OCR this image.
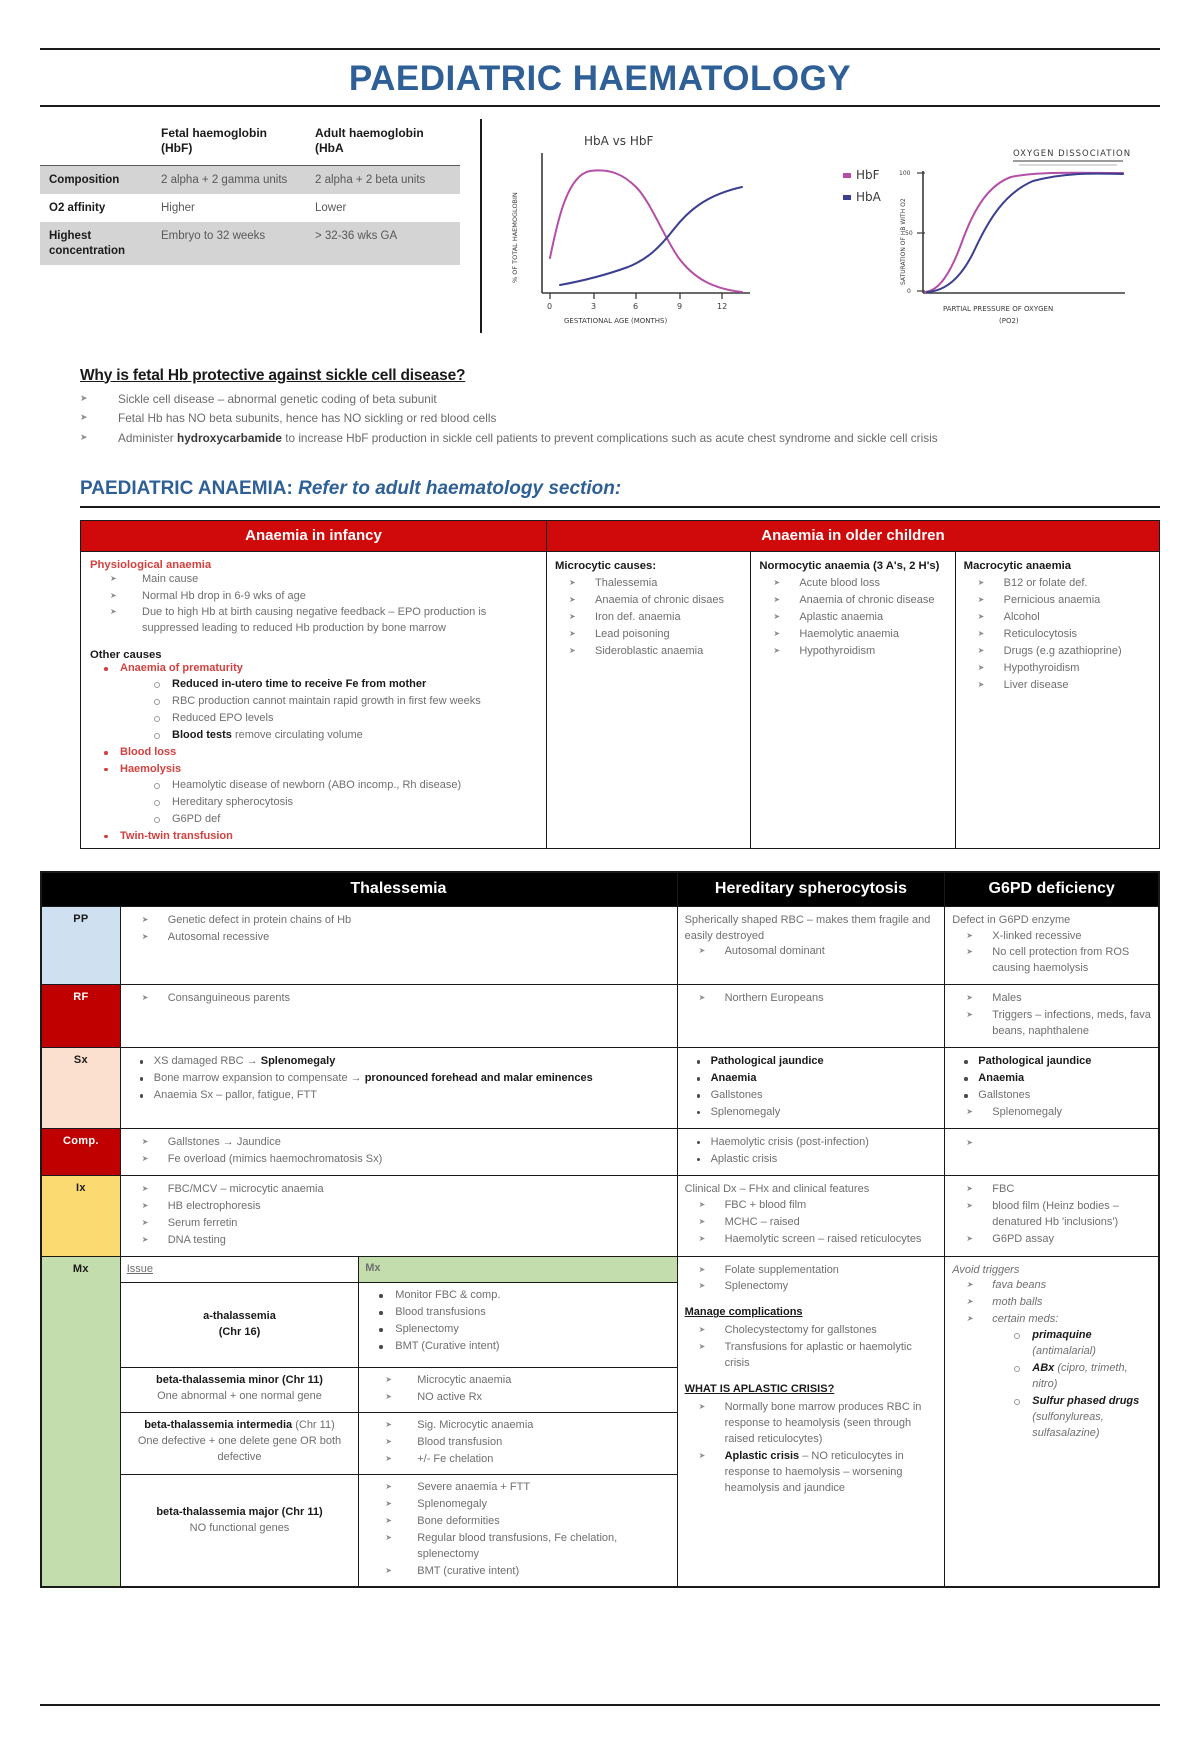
PAEDIATRIC HAEMATOLOGY
	Fetal haemoglobin (HbF)	Adult haemoglobin (HbA
Composition	2 alpha + 2 gamma units	2 alpha + 2 beta units
O2 affinity	Higher	Lower
Highest concentration	Embryo to 32 weeks	> 32-36 wks GA
HbA vs HbF
% OF TOTAL HAEMOGLOBIN
0	3	6	9	12
GESTATIONAL AGE (MONTHS)
HbF
HbA
OXYGEN DISSOCIATION
SATURATION OF HB WITH O2
100
50
0
PARTIAL PRESSURE OF OXYGEN
(PO2)
Why is fetal Hb protective against sickle cell disease?
➤ Sickle cell disease – abnormal genetic coding of beta subunit
➤ Fetal Hb has NO beta subunits, hence has NO sickling or red blood cells
➤ Administer hydroxycarbamide to increase HbF production in sickle cell patients to prevent complications such as acute chest syndrome and sickle cell crisis
PAEDIATRIC ANAEMIA: Refer to adult haematology section:
Anaemia in infancy
Physiological anaemia
➤ Main cause
➤ Normal Hb drop in 6-9 wks of age
➤ Due to high Hb at birth causing negative feedback – EPO production is suppressed leading to reduced Hb production by bone marrow
Other causes
Anaemia of prematurity
Reduced in-utero time to receive Fe from mother
RBC production cannot maintain rapid growth in first few weeks
Reduced EPO levels
Blood tests remove circulating volume
Blood loss
Haemolysis
Heamolytic disease of newborn (ABO incomp., Rh disease)
Hereditary spherocytosis
G6PD def
Twin-twin transfusion
Anaemia in older children
Microcytic causes:
➤ Thalessemia
➤ Anaemia of chronic disaes
➤ Iron def. anaemia
➤ Lead poisoning
➤ Sideroblastic anaemia
Normocytic anaemia (3 A's, 2 H's)
➤ Acute blood loss
➤ Anaemia of chronic disease
➤ Aplastic anaemia
➤ Haemolytic anaemia
➤ Hypothyroidism
Macrocytic anaemia
➤ B12 or folate def.
➤ Pernicious anaemia
➤ Alcohol
➤ Reticulocytosis
➤ Drugs (e.g azathioprine)
➤ Hypothyroidism
➤ Liver disease
	Thalessemia	Hereditary spherocytosis	G6PD deficiency
PP	
➤Genetic defect in protein chains of Hb
➤ Autosomal recessive

Spherically shaped RBC – makes them fragile and easily destroyed
➤ Autosomal dominant

Defect in G6PD enzyme
➤ X-linked recessive
➤ No cell protection from ROS causing haemolysis

RF	
➤Consanguineous parents

➤Northern Europeans

➤Males
➤ Triggers – infections, meds, fava beans, naphthalene

Sx	XS damaged RBC → Splenomegaly
Bone marrow expansion to compensate → pronounced forehead and malar eminences
Anaemia Sx – pallor, fatigue, FTT

Pathological jaundice
Anaemia
Gallstones
Splenomegaly

Pathological jaundice
Anaemia
Gallstones
➤ Splenomegaly

Comp.	
➤Gallstones → Jaundice
➤ Fe overload (mimics haemochromatosis Sx)

Haemolytic crisis (post-infection)
Aplastic crisis

Ix	
➤FBC/MCV – microcytic anaemia
➤ HB electrophoresis
➤ Serum ferretin
➤ DNA testing

Clinical Dx – FHx and clinical features
➤ FBC + blood film
➤ MCHC – raised
➤ Haemolytic screen – raised reticulocytes

➤ FBC
➤ blood film (Heinz bodies – denatured Hb 'inclusions')
➤ G6PD assay

Mx		Issue	Mx
a-thalassemia
(Chr 16)	
Monitor FBC & comp.
Blood transfusions
Splenectomy
BMT (Curative intent)

beta-thalassemia minor (Chr 11)
One abnormal + one normal gene	
➤ Microcytic anaemia
➤ NO active Rx

beta-thalassemia intermedia (Chr 11)
One defective + one delete gene OR both defective	
➤ Sig. Microcytic anaemia
➤ Blood transfusion
➤ +/- Fe chelation

beta-thalassemia major (Chr 11)
NO functional genes	
➤ Severe anaemia + FTT
➤ Splenomegaly
➤ Bone deformities
➤ Regular blood transfusions, Fe chelation, splenectomy
➤ BMT (curative intent)

➤ Folate supplementation
➤ Splenectomy
Manage complications
➤ Cholecystectomy for gallstones
➤ Transfusions for aplastic or haemolytic crisis
WHAT IS APLASTIC CRISIS?
➤ Normally bone marrow produces RBC in response to heamolysis (seen through raised reticulocytes)
➤ Aplastic crisis – NO reticulocytes in response to haemolysis – worsening heamolysis and jaundice

Avoid triggers
➤ fava beans
➤ moth balls
➤ certain meds:
primaquine (antimalarial)
ABx (cipro, trimeth, nitro)
Sulfur phased drugs (sulfonylureas, sulfasalazine)
